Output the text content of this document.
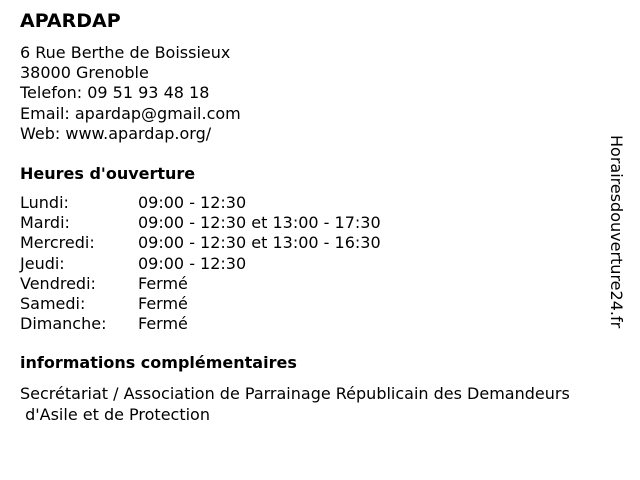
APARDAP
6 Rue Berthe de Boissieux
38000 Grenoble
Telefon: 09 51 93 48 18
Email: apardap@gmail.com
Web: www.apardap.org/
Heures d'ouverture
Lundi:	09:00 - 12:30
Mardi:	09:00 - 12:30 et 13:00 - 17:30
Mercredi:	09:00 - 12:30 et 13:00 - 16:30
Jeudi:	09:00 - 12:30
Vendredi:	Fermé
Samedi:	Fermé
Dimanche: Fermé
informations complémentaires
Secrétariat / Association de Parrainage Républicain des Demandeurs
d'Asile et de Protection
Horairesdouverture24.fr
